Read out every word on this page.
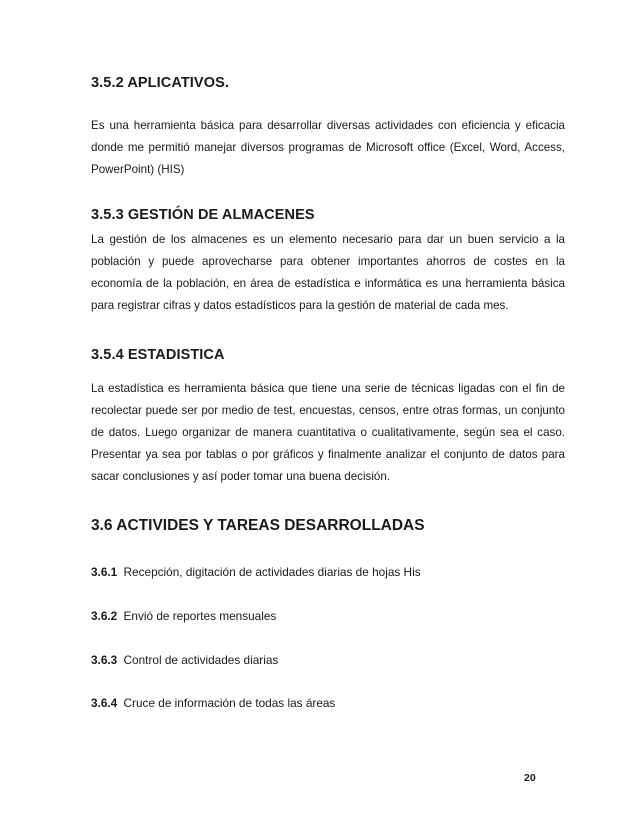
3.5.2 APLICATIVOS.

Es una herramienta básica para desarrollar diversas actividades con eficiencia y eficacia donde me permitió manejar diversos programas de Microsoft office (Excel, Word, Access, PowerPoint) (HIS)

3.5.3 GESTIÓN DE ALMACENES

La gestión de los almacenes es un elemento necesario para dar un buen servicio a la población y puede aprovecharse para obtener importantes ahorros de costes en la economía de la población, en área de estadística e informática es una herramienta básica para registrar cifras y datos estadísticos para la gestión de material de cada mes.

3.5.4 ESTADISTICA

La estadística es herramienta básica que tiene una serie de técnicas ligadas con el fin de recolectar puede ser por medio de test, encuestas, censos, entre otras formas, un conjunto de datos. Luego organizar de manera cuantitativa o cualitativamente, según sea el caso. Presentar ya sea por tablas o por gráficos y finalmente analizar el conjunto de datos para sacar conclusiones y así poder tomar una buena decisión.

3.6 ACTIVIDES Y TAREAS DESARROLLADAS
3.6.1 Recepción, digitación de actividades diarias de hojas His
3.6.2 Envió de reportes mensuales
3.6.3 Control de actividades diarias
3.6.4 Cruce de información de todas las áreas
20
